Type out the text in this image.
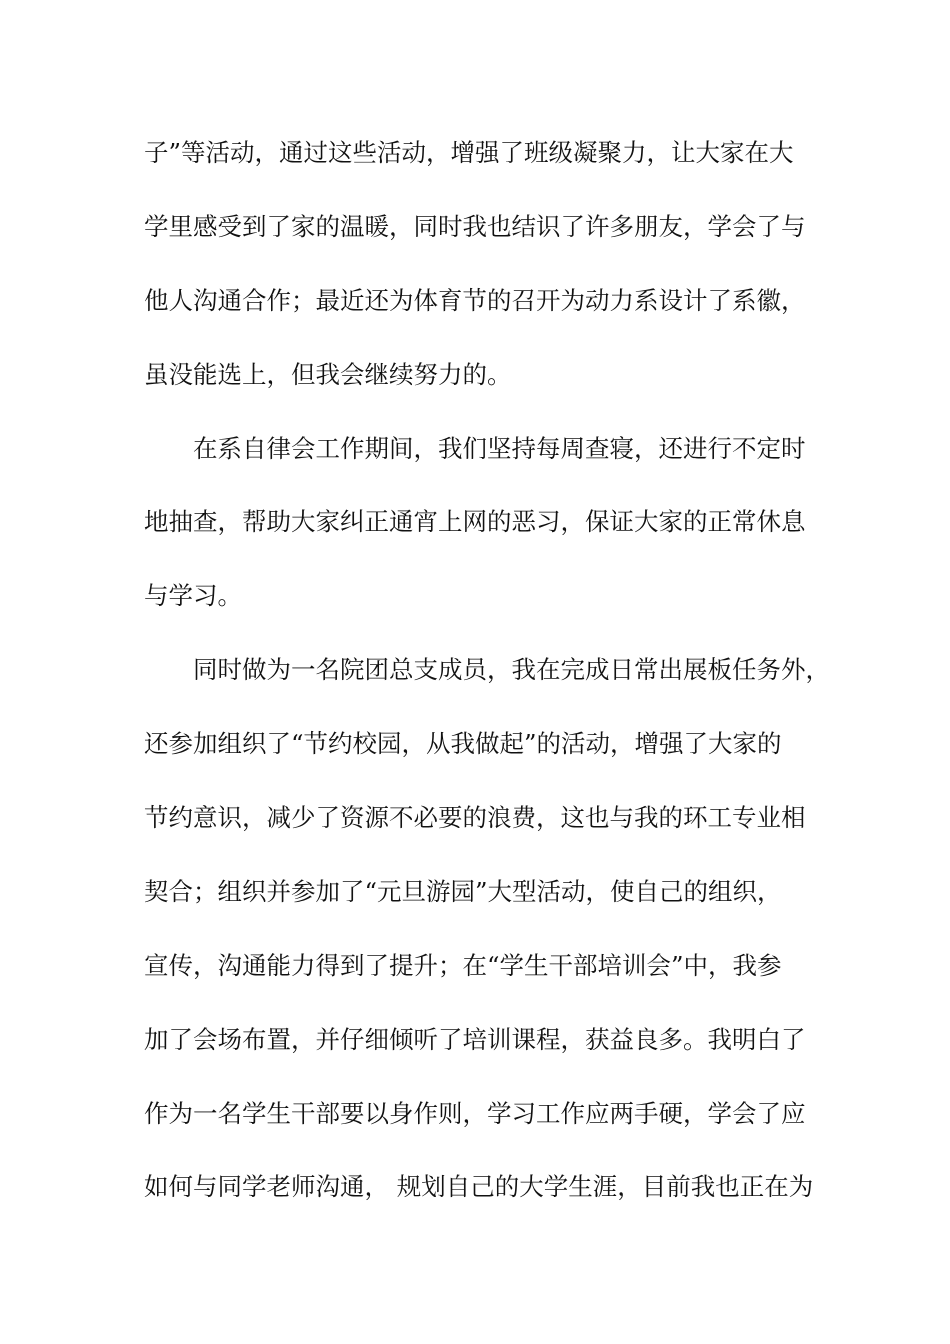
子”等活动，通过这些活动，增强了班级凝聚力，让大家在大
学里感受到了家的温暖，同时我也结识了许多朋友，学会了与
他人沟通合作；最近还为体育节的召开为动力系设计了系徽，
虽没能选上，但我会继续努力的。
在系自律会工作期间，我们坚持每周查寝，还进行不定时
地抽查，帮助大家纠正通宵上网的恶习，保证大家的正常休息
与学习。
同时做为一名院团总支成员，我在完成日常出展板任务外，
还参加组织了“节约校园，从我做起”的活动，增强了大家的
节约意识，减少了资源不必要的浪费，这也与我的环工专业相
契合；组织并参加了“元旦游园”大型活动，使自己的组织，
宣传，沟通能力得到了提升；在“学生干部培训会”中，我参
加了会场布置，并仔细倾听了培训课程，获益良多。我明白了
作为一名学生干部要以身作则，学习工作应两手硬，学会了应
如何与同学老师沟通， 规划自己的大学生涯，目前我也正在为
